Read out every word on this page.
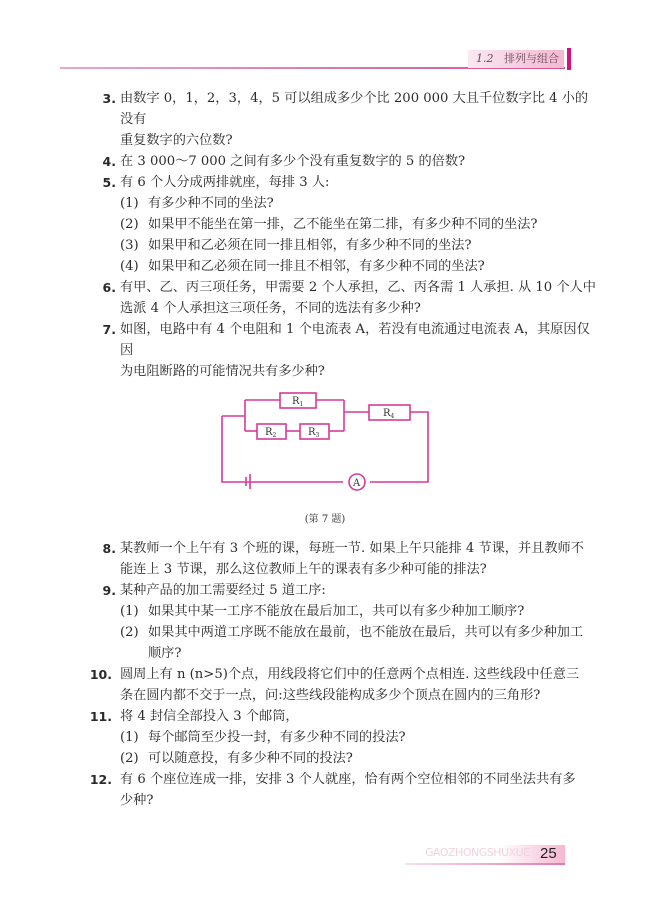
1.2 排列与组合

3. 由数字 0，1，2，3，4，5 可以组成多少个比 200 000 大且千位数字比 4 小的没有

重复数字的六位数?

4. 在 3 000～7 000 之间有多少个没有重复数字的 5 的倍数?

5. 有 6 个人分成两排就座，每排 3 人:

(1) 有多少种不同的坐法?

(2) 如果甲不能坐在第一排，乙不能坐在第二排，有多少种不同的坐法?

(3) 如果甲和乙必须在同一排且相邻，有多少种不同的坐法?

(4) 如果甲和乙必须在同一排且不相邻，有多少种不同的坐法?

6. 有甲、乙、丙三项任务，甲需要 2 个人承担，乙、丙各需 1 人承担. 从 10 个人中

选派 4 个人承担这三项任务，不同的选法有多少种?

7. 如图，电路中有 4 个电阻和 1 个电流表 A，若没有电流通过电流表 A，其原因仅因

为电阻断路的可能情况共有多少种?

$R_1$
$R_2$	$R_3$
$R_4$
A

(第 7 题)

8. 某教师一个上午有 3 个班的课，每班一节. 如果上午只能排 4 节课，并且教师不

能连上 3 节课，那么这位教师上午的课表有多少种可能的排法?

9. 某种产品的加工需要经过 5 道工序:

(1) 如果其中某一工序不能放在最后加工，共可以有多少种加工顺序?

(2) 如果其中两道工序既不能放在最前，也不能放在最后，共可以有多少种加工

顺序?

10. 圆周上有 n (n>5)个点，用线段将它们中的任意两个点相连. 这些线段中任意三

条在圆内都不交于一点，问:这些线段能构成多少个顶点在圆内的三角形?

11. 将 4 封信全部投入 3 个邮筒，

(1) 每个邮筒至少投一封，有多少种不同的投法?

(2) 可以随意投，有多少种不同的投法?

12. 有 6 个座位连成一排，安排 3 个人就座，恰有两个空位相邻的不同坐法共有多

少种?

GAOZHONGSHUXUE 25
